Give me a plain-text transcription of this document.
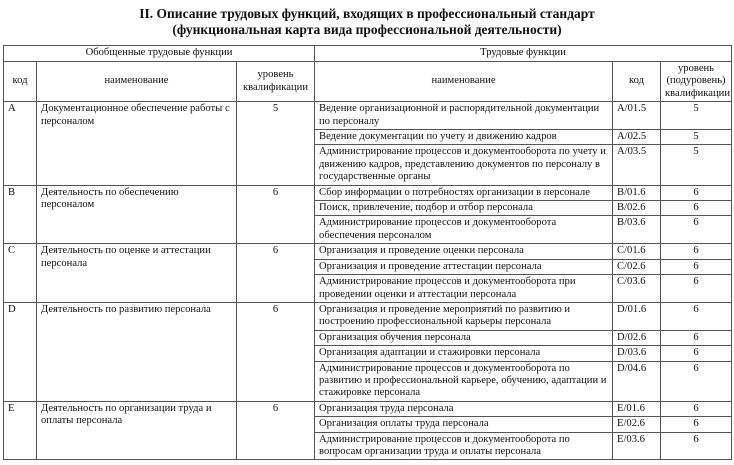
II. Описание трудовых функций, входящих в профессиональный стандарт
(функциональная карта вида профессиональной деятельности)
Обобщенные трудовые функции			Трудовые функции		
код	наименование	уровень квалификации	наименование	код	уровень (подуровень) квалификации
A	Документационное обеспечение работы с персоналом	5	Ведение организационной и распорядительной документации по персоналу	A/01.5	5
			Ведение документации по учету и движению кадров	A/02.5	5
			Администрирование процессов и документооборота по учету и движению кадров, представлению документов по персоналу в государственные органы	A/03.5	5
B	Деятельность по обеспечению персоналом	6	Сбор информации о потребностях организации в персонале	B/01.6	6
			Поиск, привлечение, подбор и отбор персонала	B/02.6	6
			Администрирование процессов и документооборота обеспечения персоналом	B/03.6	6
C	Деятельность по оценке и аттестации персонала	6	Организация и проведение оценки персонала	C/01.6	6
			Организация и проведение аттестации персонала	C/02.6	6
			Администрирование процессов и документооборота при проведении оценки и аттестации персонала	C/03.6	6
D	Деятельность по развитию персонала	6	Организация и проведение мероприятий по развитию и построению профессиональной карьеры персонала	D/01.6	6
			Организация обучения персонала	D/02.6	6
			Организация адаптации и стажировки персонала	D/03.6	6
			Администрирование процессов и документооборота по развитию и профессиональной карьере, обучению, адаптации и стажировке персонала	D/04.6	6
E	Деятельность по организации труда и оплаты персонала	6	Организация труда персонала	E/01.6	6
			Организация оплаты труда персонала	E/02.6	6
			Администрирование процессов и документооборота по вопросам организации труда и оплаты персонала	E/03.6	6
